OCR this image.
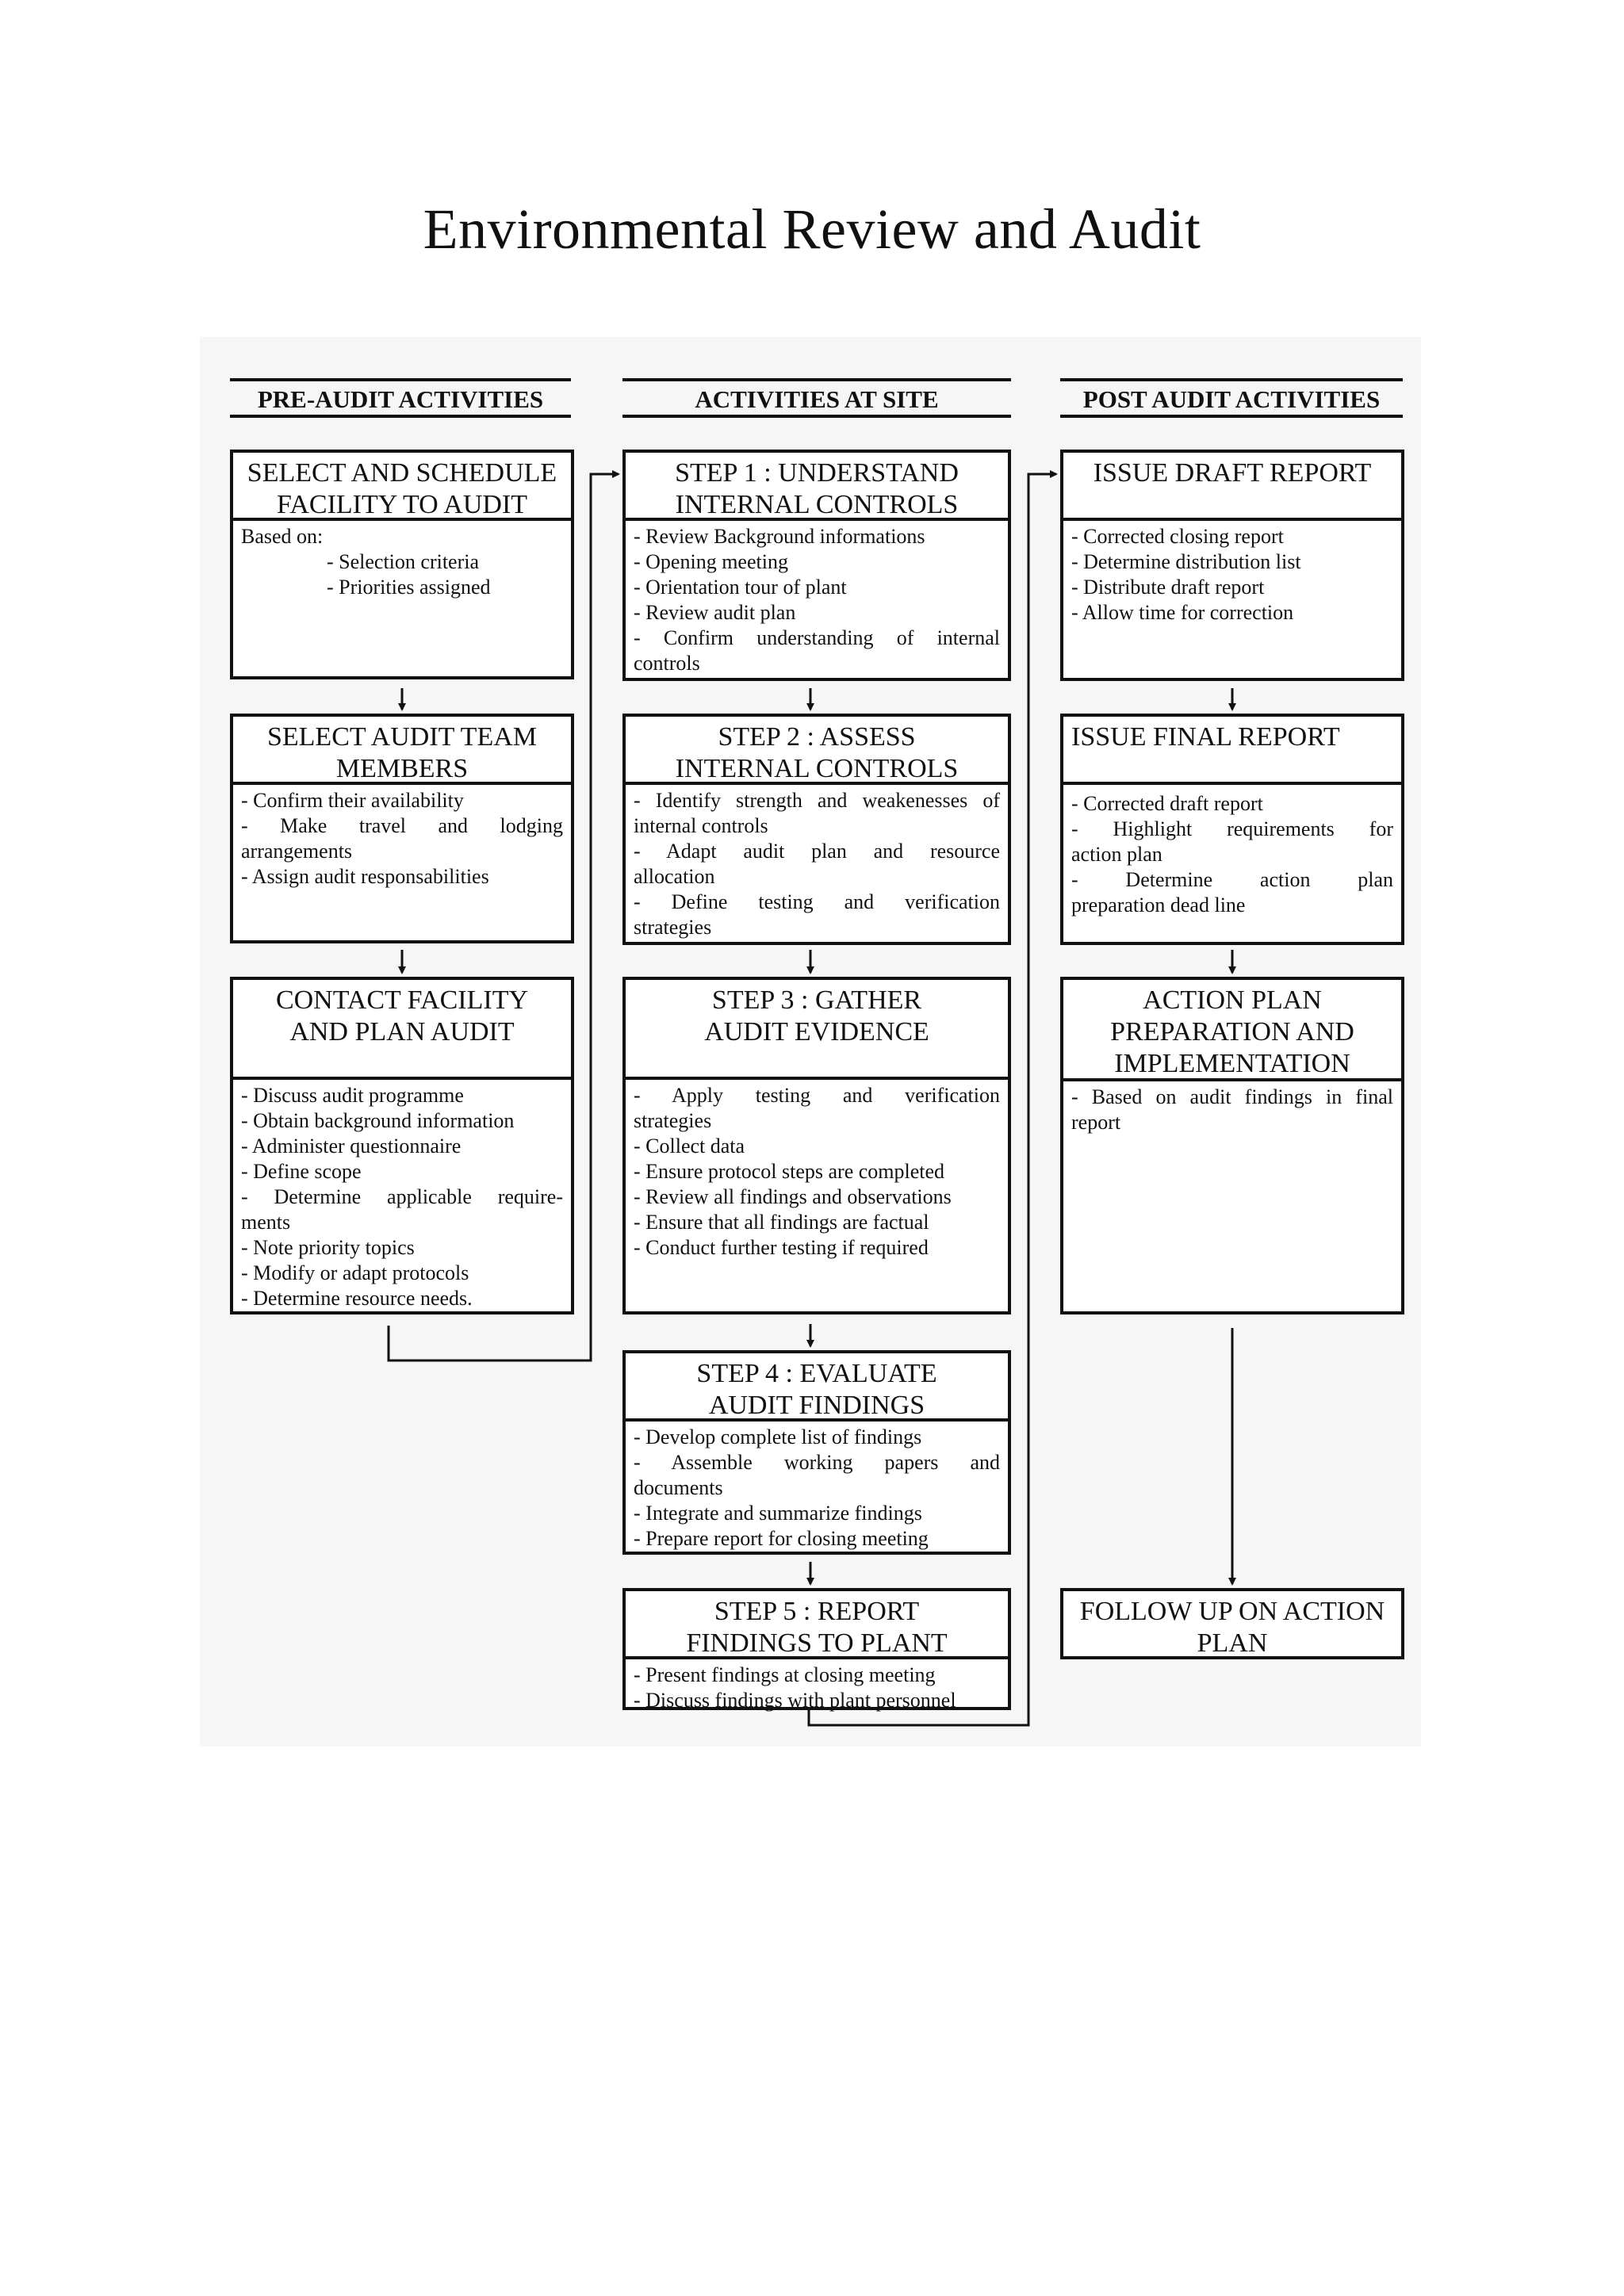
Environmental Review and Audit
PRE-AUDIT ACTIVITIES	ACTIVITIES AT SITE	POST AUDIT ACTIVITIES
SELECT AND SCHEDULE
FACILITY TO AUDIT
Based on:
- Selection criteria
- Priorities assigned
SELECT AUDIT TEAM
MEMBERS
- Confirm their availability
- Make travel and lodging
arrangements
- Assign audit responsabilities
CONTACT FACILITY
AND PLAN AUDIT
- Discuss audit programme
- Obtain background information
- Administer questionnaire
- Define scope
- Determine applicable require-
ments
- Note priority topics
- Modify or adapt protocols
- Determine resource needs.
STEP 1 : UNDERSTAND
INTERNAL CONTROLS
- Review Background informations
- Opening meeting
- Orientation tour of plant
- Review audit plan
- Confirm understanding of internal
controls
STEP 2 : ASSESS
INTERNAL CONTROLS
- Identify strength and weakenesses of
internal controls
- Adapt audit plan and resource
allocation
- Define testing and verification
strategies
STEP 3 : GATHER
AUDIT EVIDENCE
- Apply testing and verification
strategies
- Collect data
- Ensure protocol steps are completed
- Review all findings and observations
- Ensure that all findings are factual
- Conduct further testing if required
STEP 4 : EVALUATE
AUDIT FINDINGS
- Develop complete list of findings
- Assemble working papers and
documents
- Integrate and summarize findings
- Prepare report for closing meeting
STEP 5 : REPORT
FINDINGS TO PLANT
- Present findings at closing meeting
- Discuss findings with plant personnel
ISSUE DRAFT REPORT
- Corrected closing report
- Determine distribution list
- Distribute draft report
- Allow time for correction
ISSUE FINAL REPORT
- Corrected draft report
- Highlight requirements for
action plan
- Determine action plan
preparation dead line
ACTION PLAN
PREPARATION AND
IMPLEMENTATION
- Based on audit findings in final
report
FOLLOW UP ON ACTION
PLAN
